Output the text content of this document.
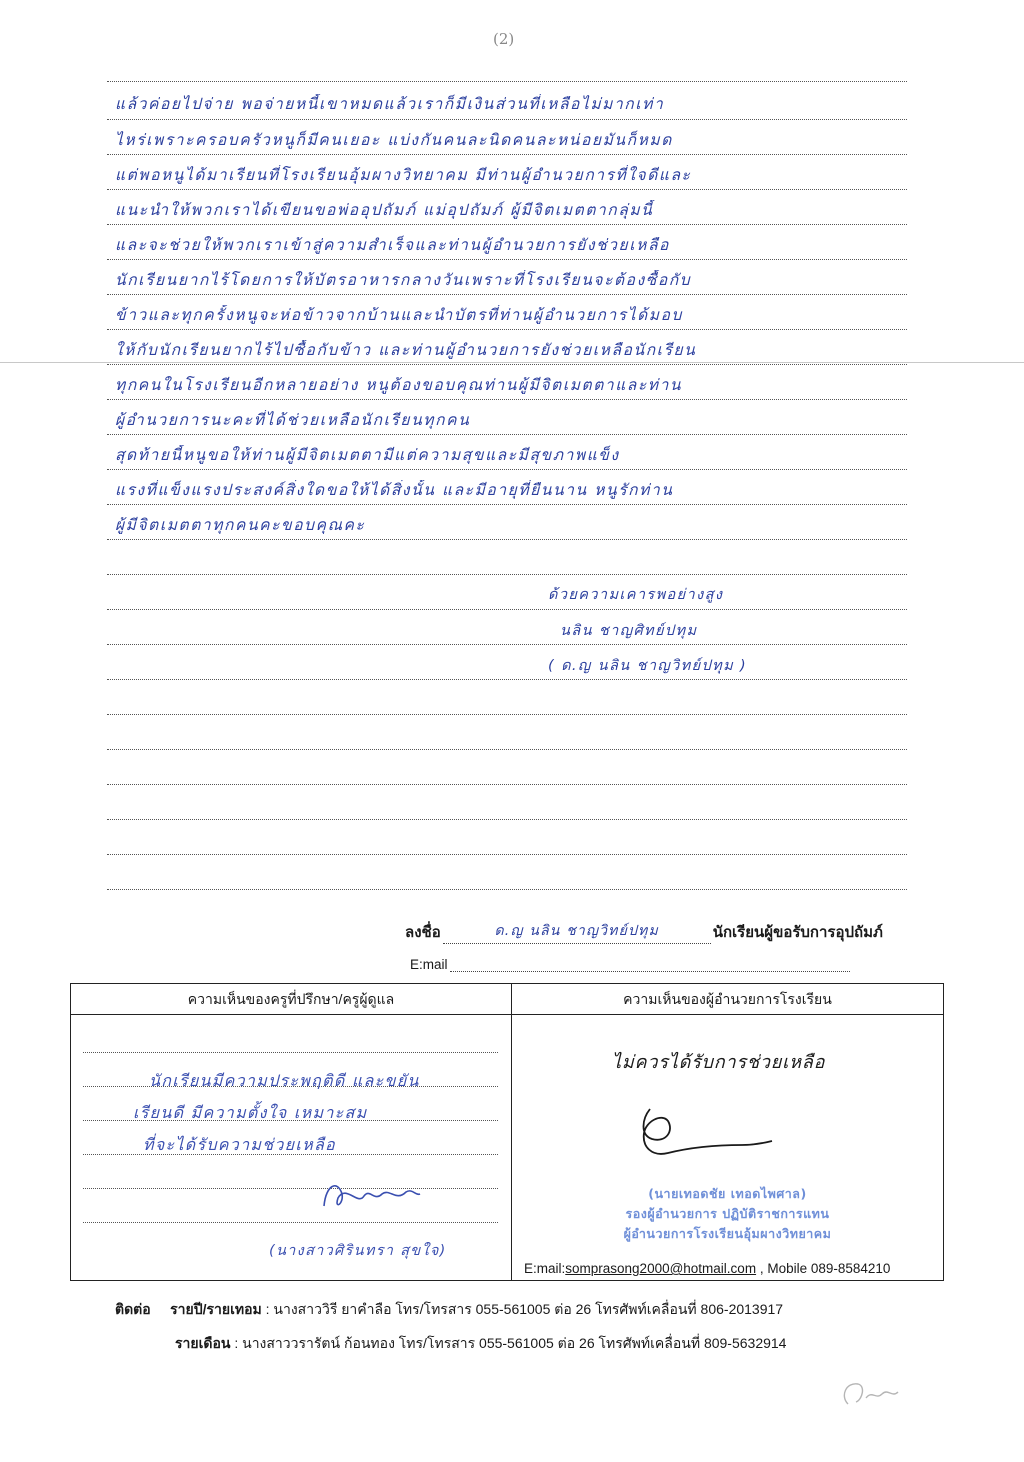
(2)
แล้วค่อยไปจ่าย พอจ่ายหนี้เขาหมดแล้วเราก็มีเงินส่วนที่เหลือไม่มากเท่า
ไหร่เพราะครอบครัวหนูก็มีคนเยอะ แบ่งกันคนละนิดคนละหน่อยมันก็หมด
แต่พอหนูได้มาเรียนที่โรงเรียนอุ้มผางวิทยาคม มีท่านผู้อำนวยการที่ใจดีและ
แนะนำให้พวกเราได้เขียนขอพ่ออุปถัมภ์ แม่อุปถัมภ์ ผู้มีจิตเมตตากลุ่มนี้
และจะช่วยให้พวกเราเข้าสู่ความสำเร็จและท่านผู้อำนวยการยังช่วยเหลือ
นักเรียนยากไร้โดยการให้บัตรอาหารกลางวันเพราะที่โรงเรียนจะต้องซื้อกับ
ข้าวและทุกครั้งหนูจะห่อข้าวจากบ้านและนำบัตรที่ท่านผู้อำนวยการได้มอบ
ให้กับนักเรียนยากไร้ไปซื้อกับข้าว และท่านผู้อำนวยการยังช่วยเหลือนักเรียน
ทุกคนในโรงเรียนอีกหลายอย่าง หนูต้องขอบคุณท่านผู้มีจิตเมตตาและท่าน
ผู้อำนวยการนะคะที่ได้ช่วยเหลือนักเรียนทุกคน
สุดท้ายนี้หนูขอให้ท่านผู้มีจิตเมตตามีแต่ความสุขและมีสุขภาพแข็ง
แรงที่แข็งแรงประสงค์สิ่งใดขอให้ได้สิ่งนั้น และมีอายุที่ยืนนาน หนูรักท่าน
ผู้มีจิตเมตตาทุกคนคะขอบคุณคะ
ด้วยความเคารพอย่างสูง
นลิน ชาญศิทย์ปทุม
( ด.ญ นลิน ชาญวิทย์ปทุม )
ลงชื่อ	ด.ญ นลิน ชาญวิทย์ปทุม	นักเรียนผู้ขอรับการอุปถัมภ์
E:mail
ความเห็นของครูที่ปรึกษา/ครูผู้ดูแล
นักเรียนมีความประพฤติดี และขยัน
เรียนดี มีความตั้งใจ เหมาะสม
ที่จะได้รับความช่วยเหลือ
(นางสาวศิรินทรา สุขใจ)
ความเห็นของผู้อำนวยการโรงเรียน
ไม่ควรได้รับการช่วยเหลือ
(นายเทอดชัย เทอดไพศาล)
รองผู้อำนวยการ ปฏิบัติราชการแทน
ผู้อำนวยการโรงเรียนอุ้มผางวิทยาคม
E:mail:somprasong2000@hotmail.com , Mobile 089-8584210
ติดต่อ รายปี/รายเทอม : นางสาววิรี ยาคำลือ โทร/โทรสาร 055-561005 ต่อ 26 โทรศัพท์เคลื่อนที่ 806-2013917
รายเดือน : นางสาววรารัตน์ ก้อนทอง โทร/โทรสาร 055-561005 ต่อ 26 โทรศัพท์เคลื่อนที่ 809-5632914
